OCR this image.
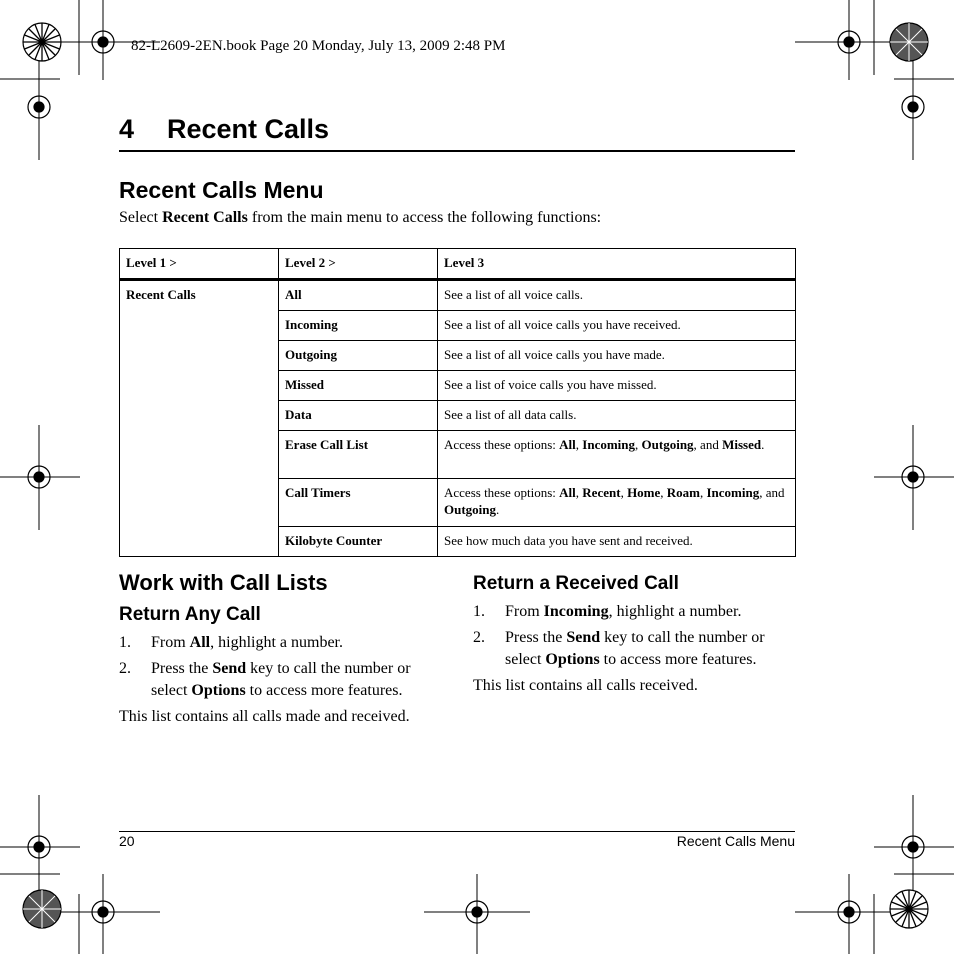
82-L2609-2EN.book Page 20 Monday, July 13, 2009 2:48 PM
4 Recent Calls
Recent Calls Menu
Select Recent Calls from the main menu to access the following functions:
Level 1 >	Level 2 >	Level 3
Recent Calls	All	See a list of all voice calls.
	Incoming	See a list of all voice calls you have received.
	Outgoing	See a list of all voice calls you have made.
	Missed	See a list of voice calls you have missed.
	Data	See a list of all data calls.
	Erase Call List	Access these options: All, Incoming, Outgoing, and Missed.
	Call Timers	Access these options: All, Recent, Home, Roam, Incoming, and Outgoing.
	Kilobyte Counter	See how much data you have sent and received.
Work with Call Lists
Return Any Call
1. From All, highlight a number.
2. Press the Send key to call the number or select Options to access more features.

This list contains all calls made and received.

Return a Received Call
1. From Incoming, highlight a number.
2. Press the Send key to call the number or select Options to access more features.

This list contains all calls received.

20	Recent Calls Menu
